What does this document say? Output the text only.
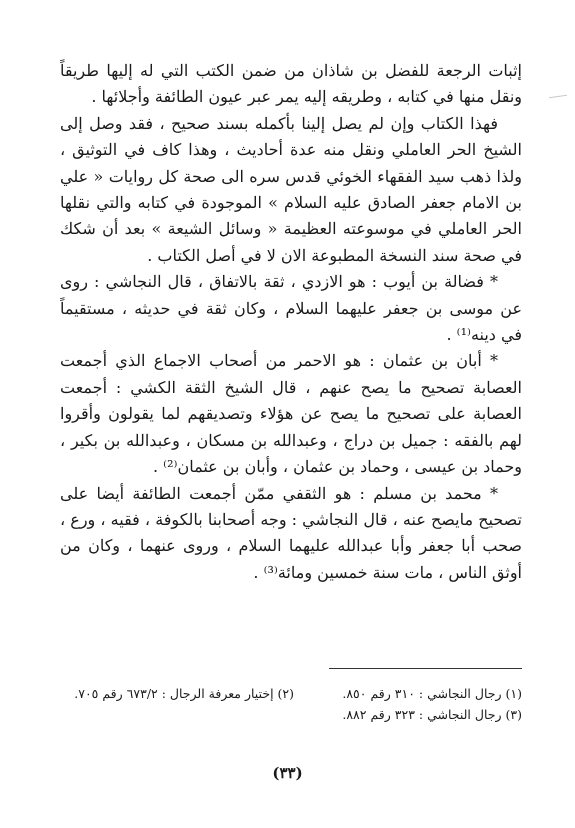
إثبات الرجعة للفضل بن شاذان من ضمن الكتب التي له إليها طريقاً ونقل منها في كتابه ، وطريقه إليه يمر عبر عيون الطائفة وأجلائها .

فهذا الكتاب وإن لم يصل إلينا بأكمله بسند صحيح ، فقد وصل إلى الشيخ الحر العاملي ونقل منه عدة أحاديث ، وهذا كاف في التوثيق ، ولذا ذهب سيد الفقهاء الخوئي قدس سره الى صحة كل روايات « علي بن الامام جعفر الصادق عليه السلام » الموجودة في كتابه والتي نقلها الحر العاملي في موسوعته العظيمة « وسائل الشيعة » بعد أن شكك في صحة سند النسخة المطبوعة الان لا في أصل الكتاب .

* فضالة بن أيوب : هو الازدي ، ثقة بالاتفاق ، قال النجاشي : روى عن موسى بن جعفر عليهما السلام ، وكان ثقة في حديثه ، مستقيماً في دينه⁽¹⁾ .

* أبان بن عثمان : هو الاحمر من أصحاب الاجماع الذي أجمعت العصابة تصحيح ما يصح عنهم ، قال الشيخ الثقة الكشي : أجمعت العصابة على تصحيح ما يصح عن هؤلاء وتصديقهم لما يقولون وأقروا لهم بالفقه : جميل بن دراج ، وعبدالله بن مسكان ، وعبدالله بن بكير ، وحماد بن عيسى ، وحماد بن عثمان ، وأبان بن عثمان⁽²⁾ .

* محمد بن مسلم : هو الثقفي ممّن أجمعت الطائفة أيضا على تصحيح مايصح عنه ، قال النجاشي : وجه أصحابنا بالكوفة ، فقيه ، ورع ، صحب أبا جعفر وأبا عبدالله عليهما السلام ، وروى عنهما ، وكان من أوثق الناس ، مات سنة خمسين ومائة⁽³⁾ .

(١) رجال النجاشي : ٣١٠ رقم ٨٥٠.
(٢) إختيار معرفة الرجال : ٦٧٣/٢ رقم ٧٠٥.
(٣) رجال النجاشي : ٣٢٣ رقم ٨٨٢.
(٣٣)
